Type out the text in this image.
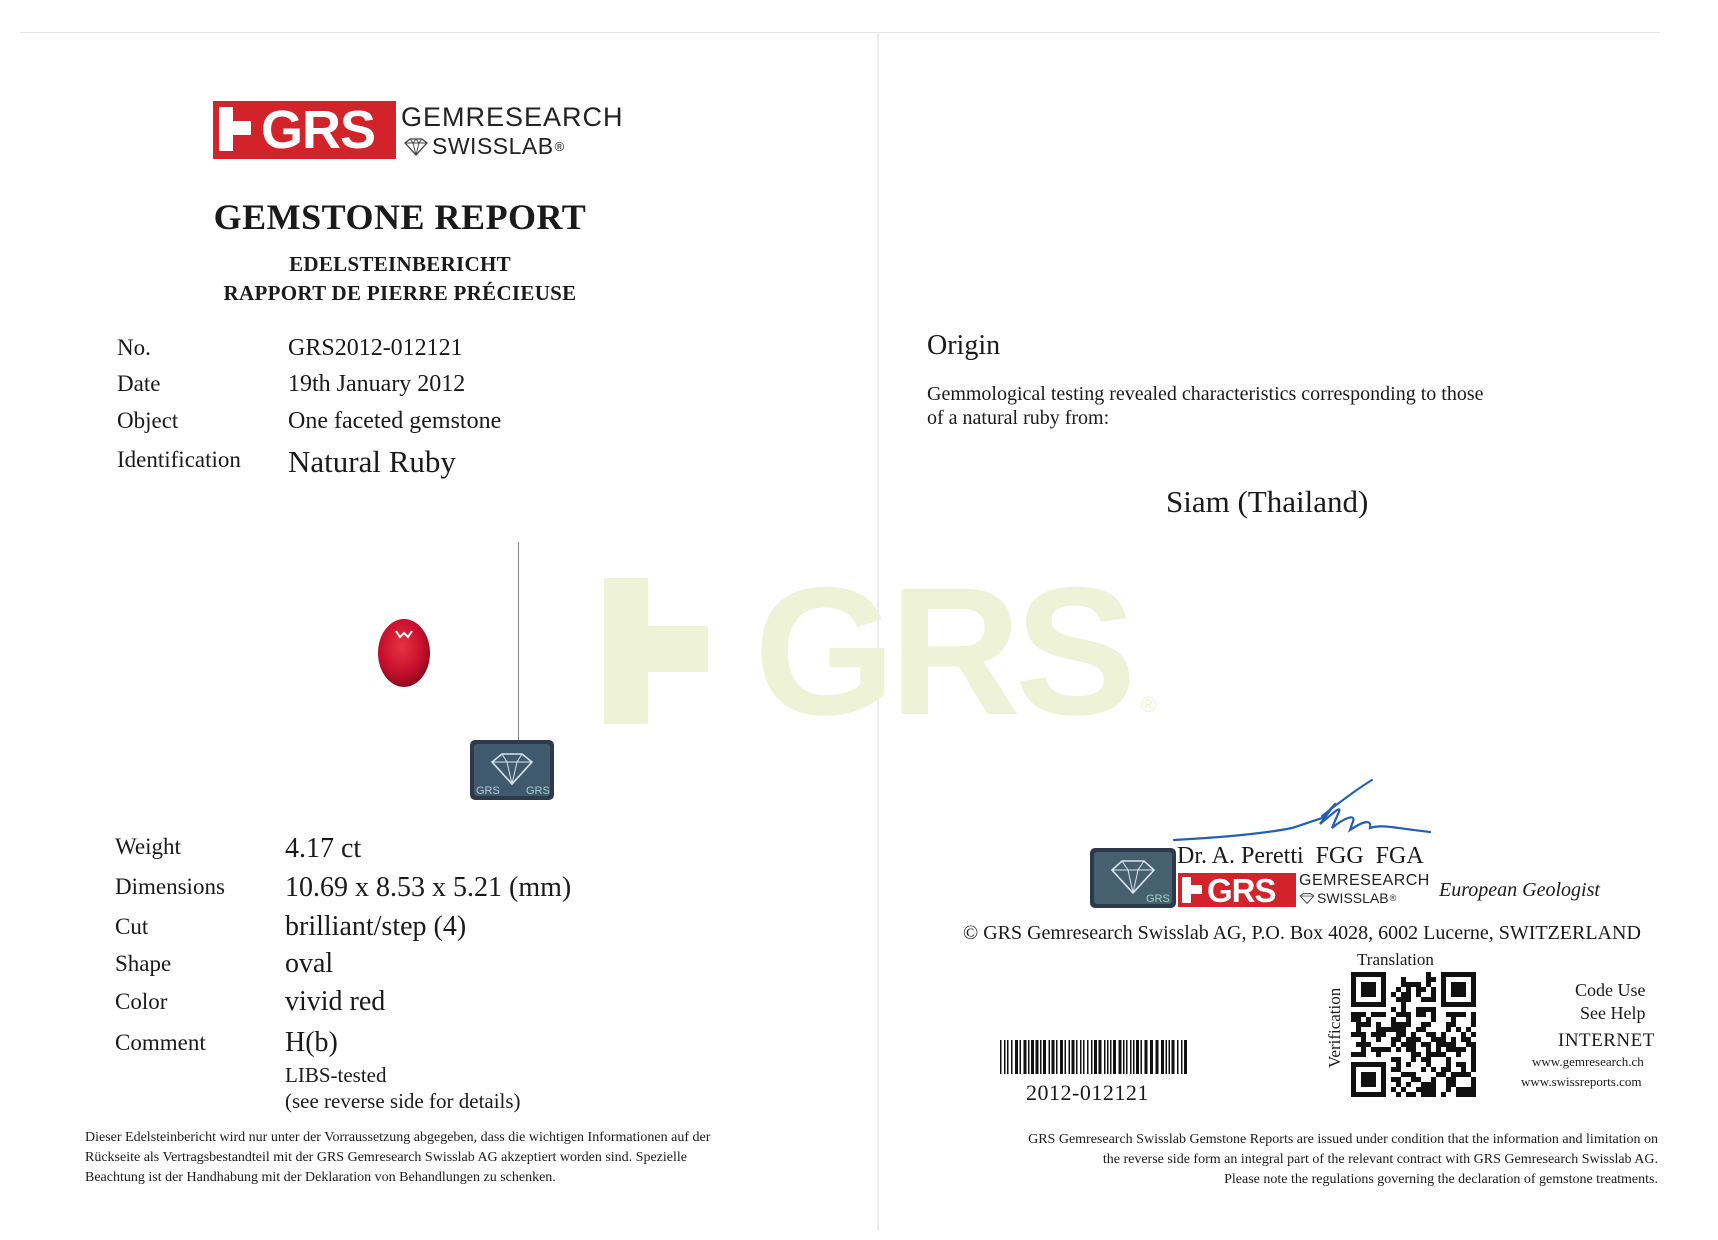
GRS GEMRESEARCH
SWISSLAB ®
GEMSTONE REPORT
EDELSTEINBERICHT
RAPPORT DE PIERRE PRÉCIEUSE
No.	GRS2012-012121
Date	19th January 2012
Object	One faceted gemstone
Identification Natural Ruby
GRS GRS
Weight	4.17 ct
Dimensions 10.69 x 8.53 x 5.21 (mm)
Cut	brilliant/step (4)
Shape	oval
Color	vivid red
Comment	H(b)
LIBS-tested
(see reverse side for details)
Dieser Edelsteinbericht wird nur unter der Vorraussetzung abgegeben, dass die wichtigen Informationen auf der
Rückseite als Vertragsbestandteil mit der GRS Gemresearch Swisslab AG akzeptiert worden sind. Spezielle
Beachtung ist der Handhabung mit der Deklaration von Behandlungen zu schenken.
GRS ®
Origin
Gemmological testing revealed characteristics corresponding to those
of a natural ruby from:
Siam (Thailand)
Dr. A. Peretti  FGG  FGA
GRS GRS GEMRESEARCH
SWISSLAB ® European Geologist
© GRS Gemresearch Swisslab AG, P.O. Box 4028, 6002 Lucerne, SWITZERLAND
2012-012121
Translation
Verification	Code Use
See Help
INTERNET
www.gemresearch.ch
www.swissreports.com
GRS Gemresearch Swisslab Gemstone Reports are issued under condition that the information and limitation on
the reverse side form an integral part of the relevant contract with GRS Gemresearch Swisslab AG.
Please note the regulations governing the declaration of gemstone treatments.
